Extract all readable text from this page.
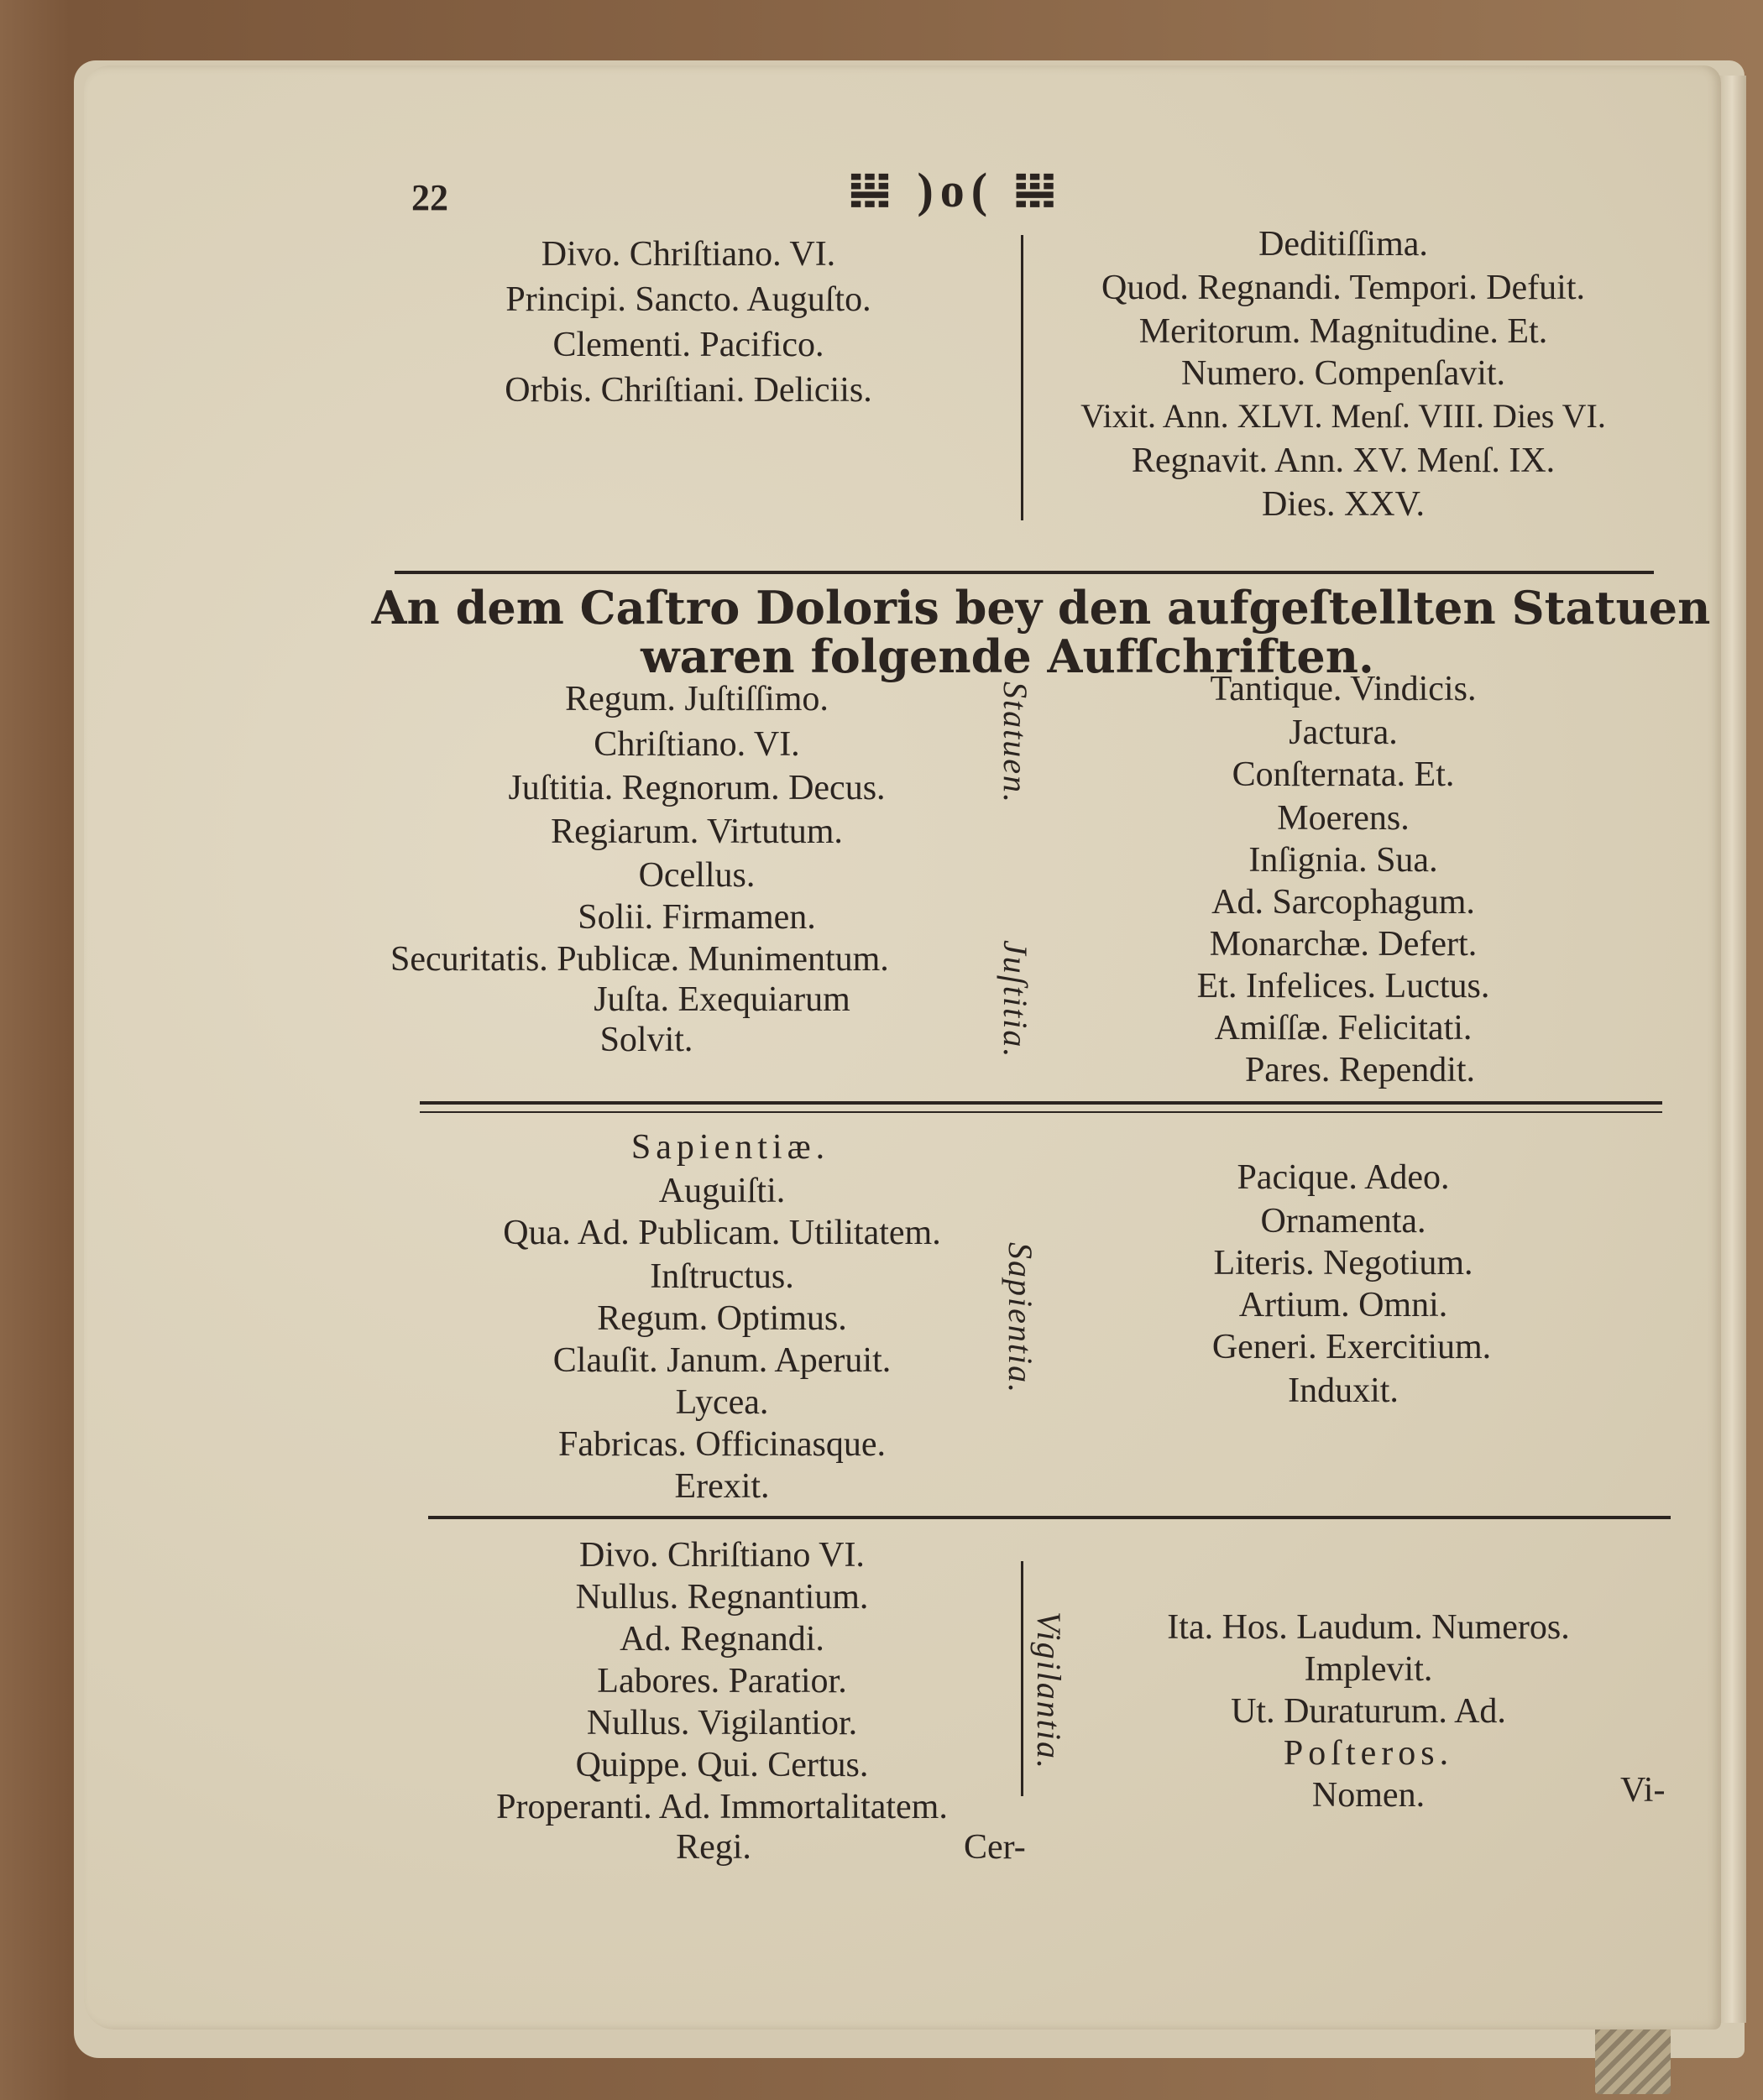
22	𝍐 )o( 𝍐
Divo. Chriſtiano. VI.
Principi. Sancto. Auguſto.
Clementi. Pacifico.
Orbis. Chriſtiani. Deliciis.
Deditiſſima.
Quod. Regnandi. Tempori. Defuit.
Meritorum. Magnitudine. Et.
Numero. Compenſavit.
Vixit. Ann. XLVI. Menſ. VIII. Dies VI.
Regnavit. Ann. XV. Menſ. IX.
Dies. XXV.
An dem Caſtro Doloris bey den aufgeſtellten Statuen
waren folgende Aufſchriften.
Regum. Juſtiſſimo.
Chriſtiano. VI.
Juſtitia. Regnorum. Decus.
Regiarum. Virtutum.
Ocellus.
Solii. Firmamen.
Securitatis. Publicæ. Munimentum.
Juſta. Exequiarum
Solvit.
Statuen.
Juſtitia.
Tantique. Vindicis.
Jactura.
Conſternata. Et.
Moerens.
Inſignia. Sua.
Ad. Sarcophagum.
Monarchæ. Defert.
Et. Infelices. Luctus.
Amiſſæ. Felicitati.
Pares. Rependit.
Sapientiæ.
Auguiſti.
Qua. Ad. Publicam. Utilitatem.
Inſtructus.
Regum. Optimus.
Clauſit. Janum. Aperuit.
Lycea.
Fabricas. Officinasque.
Erexit.
Sapientia.
Pacique. Adeo.
Ornamenta.
Literis. Negotium.
Artium. Omni.
Generi. Exercitium.
Induxit.
Divo. Chriſtiano VI.
Nullus. Regnantium.
Ad. Regnandi.
Labores. Paratior.
Nullus. Vigilantior.
Quippe. Qui. Certus.
Properanti. Ad. Immortalitatem.
Regi.	Cer-
Vigilantia.	Ita. Hos. Laudum. Numeros.
Implevit.
Ut. Duraturum. Ad.
Poſteros.
Nomen.	Vi-
